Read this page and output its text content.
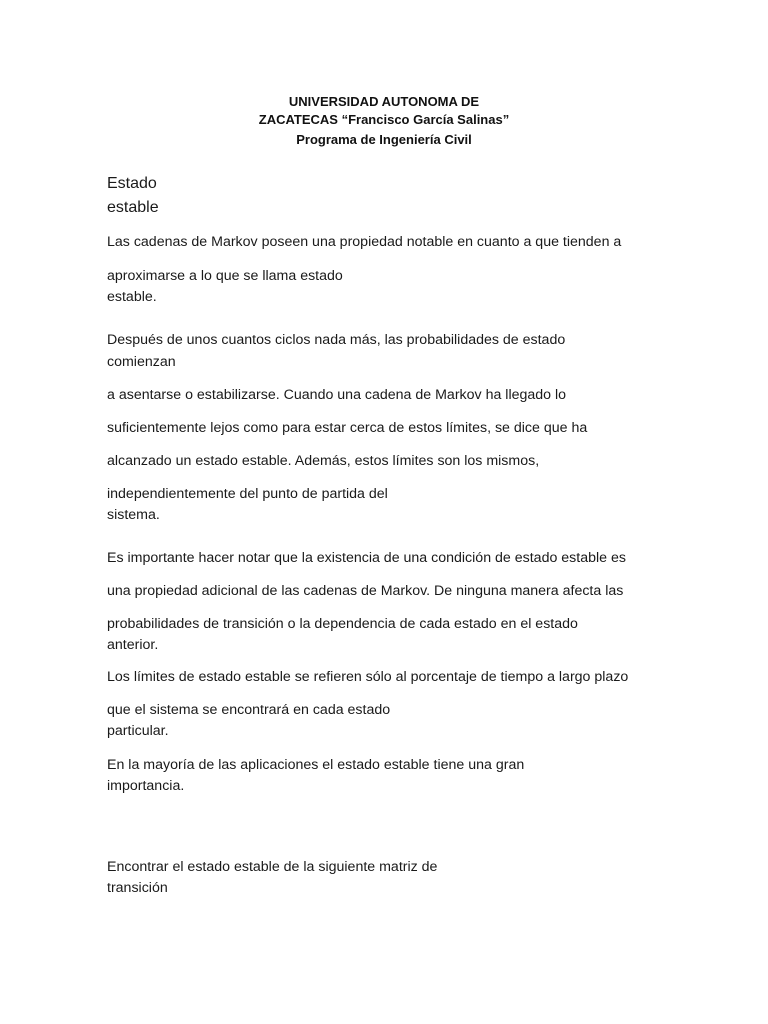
UNIVERSIDAD AUTONOMA DE
ZACATECAS “Francisco García Salinas”
Programa de Ingeniería Civil
Estado
estable
Las cadenas de Markov poseen una propiedad notable en cuanto a que tienden a
aproximarse a lo que se llama estado
estable.
Después de unos cuantos ciclos nada más, las probabilidades de estado
comienzan
a asentarse o estabilizarse. Cuando una cadena de Markov ha llegado lo
suficientemente lejos como para estar cerca de estos límites, se dice que ha
alcanzado un estado estable. Además, estos límites son los mismos,
independientemente del punto de partida del
sistema.
Es importante hacer notar que la existencia de una condición de estado estable es
una propiedad adicional de las cadenas de Markov. De ninguna manera afecta las
probabilidades de transición o la dependencia de cada estado en el estado
anterior.
Los límites de estado estable se refieren sólo al porcentaje de tiempo a largo plazo
que el sistema se encontrará en cada estado
particular.
En la mayoría de las aplicaciones el estado estable tiene una gran
importancia.
Encontrar el estado estable de la siguiente matriz de
transición
